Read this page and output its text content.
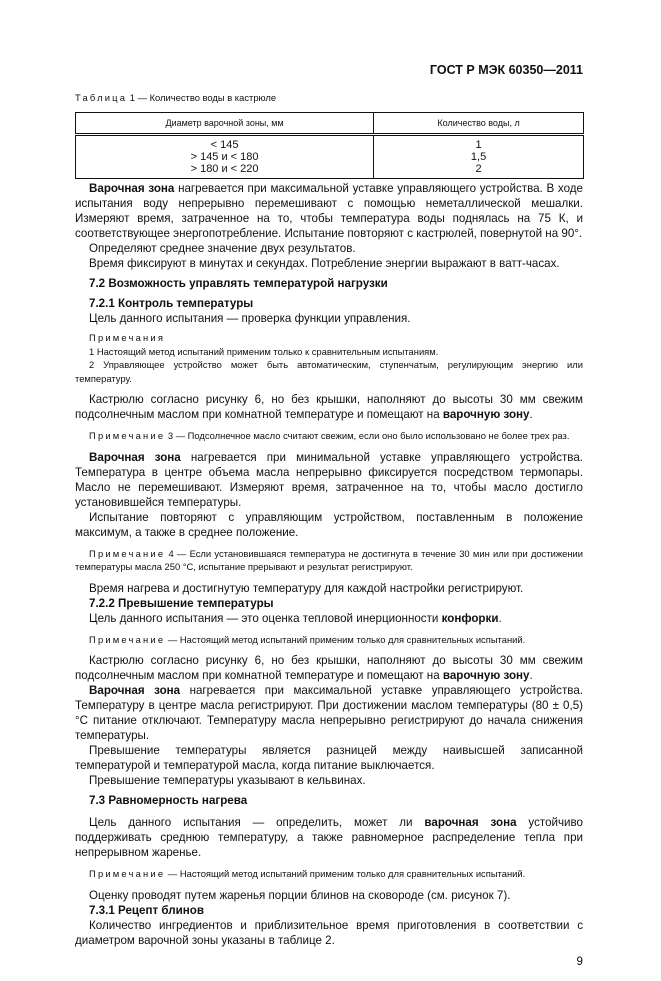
ГОСТ Р МЭК 60350—2011
Таблица 1 — Количество воды в кастрюле
Диаметр варочной зоны, мм	Количество воды, л
< 145	1
> 145 и < 180	1,5
> 180 и < 220	2
Варочная зона нагревается при максимальной уставке управляющего устройства. В ходе испытания воду непрерывно перемешивают с помощью неметаллической мешалки. Измеряют время, затраченное на то, чтобы температура воды поднялась на 75 К, и соответствующее энергопотребление. Испытание повторяют с кастрюлей, повернутой на 90°.
Определяют среднее значение двух результатов.
Время фиксируют в минутах и секундах. Потребление энергии выражают в ватт-часах.
7.2 Возможность управлять температурой нагрузки
7.2.1 Контроль температуры
Цель данного испытания — проверка функции управления.
Примечания
1 Настоящий метод испытаний применим только к сравнительным испытаниям.
2 Управляющее устройство может быть автоматическим, ступенчатым, регулирующим энергию или температуру.
Кастрюлю согласно рисунку 6, но без крышки, наполняют до высоты 30 мм свежим подсолнечным маслом при комнатной температуре и помещают на варочную зону.
Примечание 3 — Подсолнечное масло считают свежим, если оно было использовано не более трех раз.
Варочная зона нагревается при минимальной уставке управляющего устройства. Температура в центре объема масла непрерывно фиксируется посредством термопары. Масло не перемешивают. Измеряют время, затраченное на то, чтобы масло достигло установившейся температуры.
Испытание повторяют с управляющим устройством, поставленным в положение максимум, а также в среднее положение.
Примечание 4 — Если установившаяся температура не достигнута в течение 30 мин или при достижении температуры масла 250 °С, испытание прерывают и результат регистрируют.
Время нагрева и достигнутую температуру для каждой настройки регистрируют.
7.2.2 Превышение температуры
Цель данного испытания — это оценка тепловой инерционности конфорки.
Примечание — Настоящий метод испытаний применим только для сравнительных испытаний.
Кастрюлю согласно рисунку 6, но без крышки, наполняют до высоты 30 мм свежим подсолнечным маслом при комнатной температуре и помещают на варочную зону.
Варочная зона нагревается при максимальной уставке управляющего устройства. Температуру в центре масла регистрируют. При достижении маслом температуры (80 ± 0,5) °С питание отключают. Температуру масла непрерывно регистрируют до начала снижения температуры.
Превышение температуры является разницей между наивысшей записанной температурой и температурой масла, когда питание выключается.
Превышение температуры указывают в кельвинах.
7.3 Равномерность нагрева
Цель данного испытания — определить, может ли варочная зона устойчиво поддерживать среднюю температуру, а также равномерное распределение тепла при непрерывном жаренье.
Примечание — Настоящий метод испытаний применим только для сравнительных испытаний.
Оценку проводят путем жаренья порции блинов на сковороде (см. рисунок 7).
7.3.1 Рецепт блинов
Количество ингредиентов и приблизительное время приготовления в соответствии с диаметром варочной зоны указаны в таблице 2.
9
